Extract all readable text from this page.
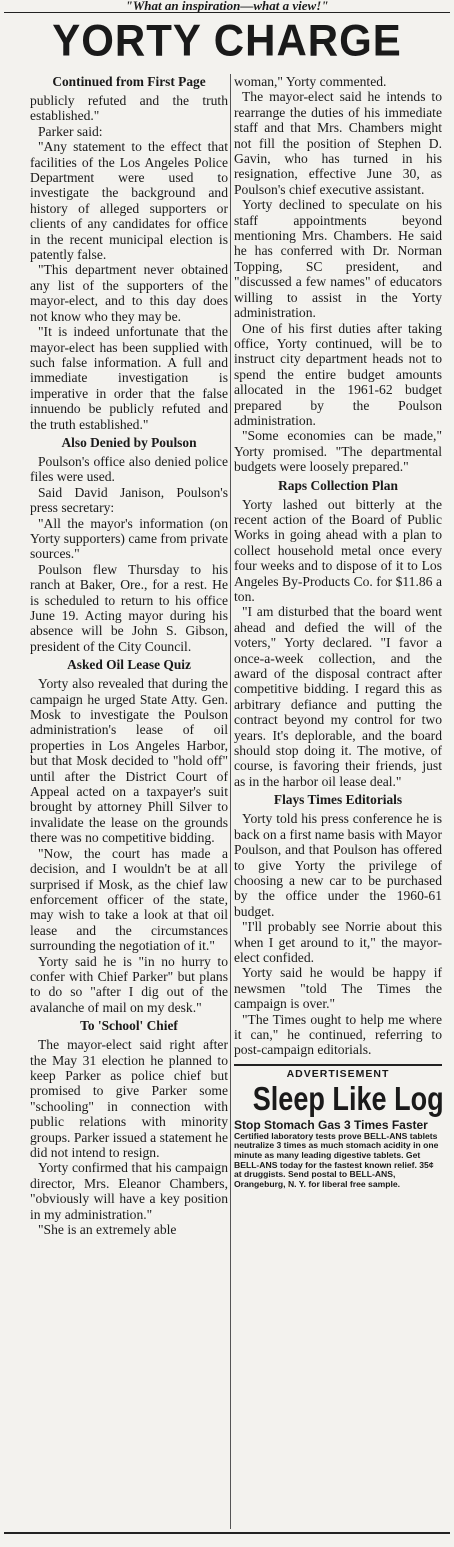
"What an inspiration—what a view!"
YORTY CHARGE
Continued from First Page

publicly refuted and the truth established."

Parker said:

"Any statement to the effect that facilities of the Los Angeles Police Department were used to investigate the background and history of alleged supporters or clients of any candidates for office in the recent municipal election is patently false.

"This department never obtained any list of the supporters of the mayor-elect, and to this day does not know who they may be.

"It is indeed unfortunate that the mayor-elect has been supplied with such false information. A full and immediate investigation is imperative in order that the false innuendo be publicly refuted and the truth established."

Also Denied by Poulson

Poulson's office also denied police files were used.

Said David Janison, Poulson's press secretary:

"All the mayor's information (on Yorty supporters) came from private sources."

Poulson flew Thursday to his ranch at Baker, Ore., for a rest. He is scheduled to return to his office June 19. Acting mayor during his absence will be John S. Gibson, president of the City Council.

Asked Oil Lease Quiz

Yorty also revealed that during the campaign he urged State Atty. Gen. Mosk to investigate the Poulson administration's lease of oil properties in Los Angeles Harbor, but that Mosk decided to "hold off" until after the District Court of Appeal acted on a taxpayer's suit brought by attorney Phill Silver to invalidate the lease on the grounds there was no competitive bidding.

"Now, the court has made a decision, and I wouldn't be at all surprised if Mosk, as the chief law enforcement officer of the state, may wish to take a look at that oil lease and the circumstances surrounding the negotiation of it."

Yorty said he is "in no hurry to confer with Chief Parker" but plans to do so "after I dig out of the avalanche of mail on my desk."

To 'School' Chief

The mayor-elect said right after the May 31 election he planned to keep Parker as police chief but promised to give Parker some "schooling" in connection with public relations with minority groups. Parker issued a statement he did not intend to resign.

Yorty confirmed that his campaign director, Mrs. Eleanor Chambers, "obviously will have a key position in my administration."

"She is an extremely able

woman," Yorty commented.

The mayor-elect said he intends to rearrange the duties of his immediate staff and that Mrs. Chambers might not fill the position of Stephen D. Gavin, who has turned in his resignation, effective June 30, as Poulson's chief executive assistant.

Yorty declined to speculate on his staff appointments beyond mentioning Mrs. Chambers. He said he has conferred with Dr. Norman Topping, SC president, and "discussed a few names" of educators willing to assist in the Yorty administration.

One of his first duties after taking office, Yorty continued, will be to instruct city department heads not to spend the entire budget amounts allocated in the 1961-62 budget prepared by the Poulson administration.

"Some economies can be made," Yorty promised. "The departmental budgets were loosely prepared."

Raps Collection Plan

Yorty lashed out bitterly at the recent action of the Board of Public Works in going ahead with a plan to collect household metal once every four weeks and to dispose of it to Los Angeles By-Products Co. for $11.86 a ton.

"I am disturbed that the board went ahead and defied the will of the voters," Yorty declared. "I favor a once-a-week collection, and the award of the disposal contract after competitive bidding. I regard this as arbitrary defiance and putting the contract beyond my control for two years. It's deplorable, and the board should stop doing it. The motive, of course, is favoring their friends, just as in the harbor oil lease deal."

Flays Times Editorials

Yorty told his press conference he is back on a first name basis with Mayor Poulson, and that Poulson has offered to give Yorty the privilege of choosing a new car to be purchased by the office under the 1960-61 budget.

"I'll probably see Norrie about this when I get around to it," the mayor-elect confided.

Yorty said he would be happy if newsmen "told The Times the campaign is over."

"The Times ought to help me where it can," he continued, referring to post-campaign editorials.

ADVERTISEMENT
Sleep Like Log
Stop Stomach Gas 3 Times Faster
Certified laboratory tests prove BELL-ANS tablets neutralize 3 times as much stomach acidity in one minute as many leading digestive tablets. Get BELL-ANS today for the fastest known relief. 35¢ at druggists. Send postal to BELL-ANS, Orangeburg, N. Y. for liberal free sample.
